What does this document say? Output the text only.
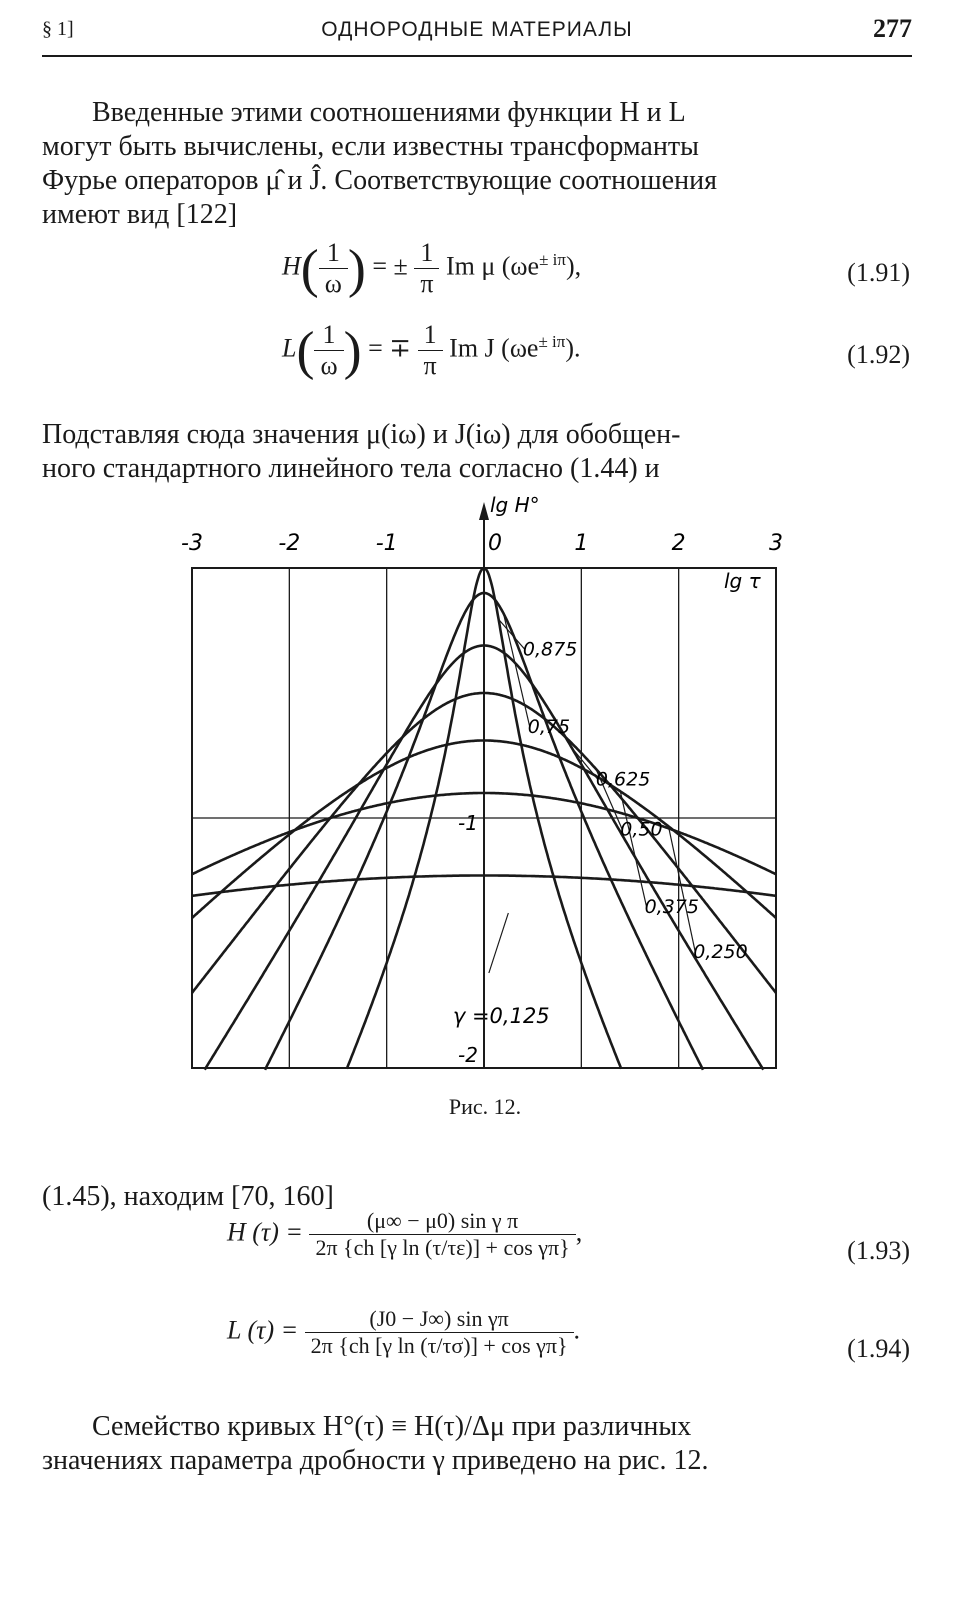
§ 1]	ОДНОРОДНЫЕ МАТЕРИАЛЫ	277
Введенные этими соотношениями функции H и L
могут быть вычислены, если известны трансформанты
Фурье операторов μ̂ и Ĵ. Соответствующие соотношения
имеют вид [122]
$H( \frac{1}{\omega}$ ) = ± $\frac{1}{\pi}$ Im μ $(\omega e^{\pm i\pi})$,	(1.91)
$L( \frac{1}{\omega}$ ) = ∓ $\frac{1}{\pi}$ Im J $(\omega e^{\pm i\pi})$.	(1.92)
Подставляя сюда значения μ(iω) и J(iω) для обобщен-
ного стандартного линейного тела согласно (1.44) и
0,250
0,375
0,50
0,625
0,75
0,875
γ =0,125
lg H°
-3	-2	-1	0	1	2	3
lg τ
-1
-2
Рис. 12.
(1.45), находим [70, 160]
H $(\tau) = \frac{\text{(μ∞ − μ0) sin γ π}}{\text{2π \{ch [γ ln (τ/τε)] + cos γπ\}}}$ ,
(1.93)
L $(\tau) = \frac{\text{(J0 − J∞) sin γπ}}{\text{2π \{ch [γ ln (τ/τσ)] + cos γπ\}}}$ .
(1.94)
Семейство кривых H°(τ) ≡ H(τ)/Δμ при различных
значениях параметра дробности γ приведено на рис. 12.
